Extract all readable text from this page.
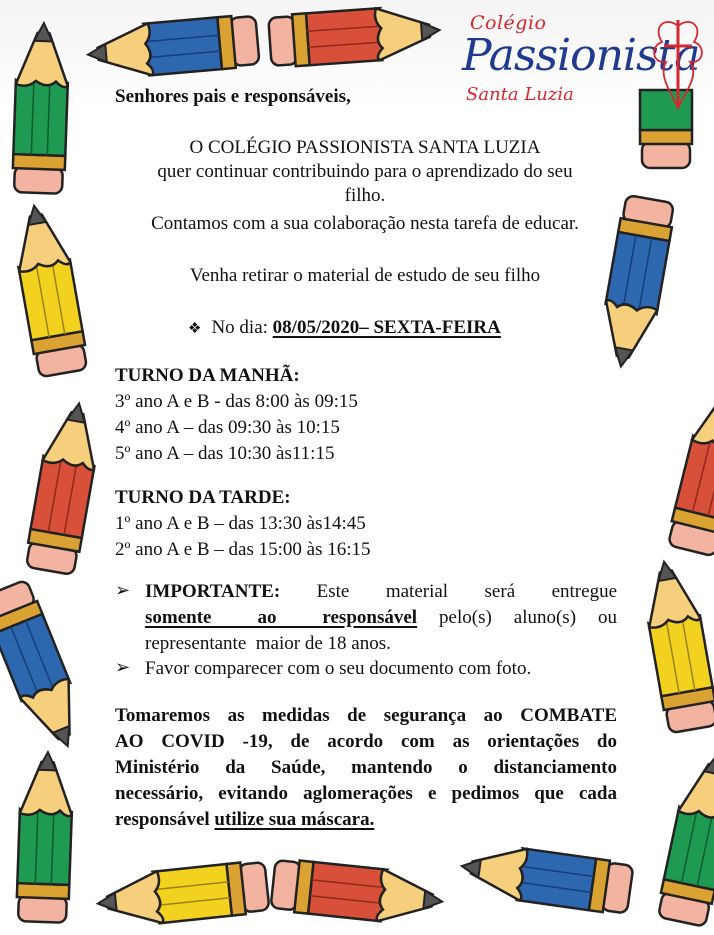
Colégio
Passionista
Santa Luzia
Senhores pais e responsáveis,
O COLÉGIO PASSIONISTA SANTA LUZIA
quer continuar contribuindo para o aprendizado do seu
filho.
Contamos com a sua colaboração nesta tarefa de educar.
Venha retirar o material de estudo de seu filho
❖ No dia: 08/05/2020– SEXTA-FEIRA
TURNO DA MANHÃ:
3º ano A e B - das 8:00 às 09:15
4º ano A – das 09:30 às 10:15
5º ano A – das 10:30 às11:15
TURNO DA TARDE:
1º ano A e B – das 13:30 às14:45
2º ano A e B – das 15:00 às 16:15
➢ IMPORTANTE: Este material será entregue
somente ao responsável pelo(s) aluno(s) ou
representante  maior de 18 anos.
➢ Favor comparecer com o seu documento com foto.
Tomaremos as medidas de segurança ao COMBATE
AO COVID -19, de acordo com as orientações do
Ministério da Saúde, mantendo o distanciamento
necessário, evitando aglomerações e pedimos que cada
responsável utilize sua máscara.
